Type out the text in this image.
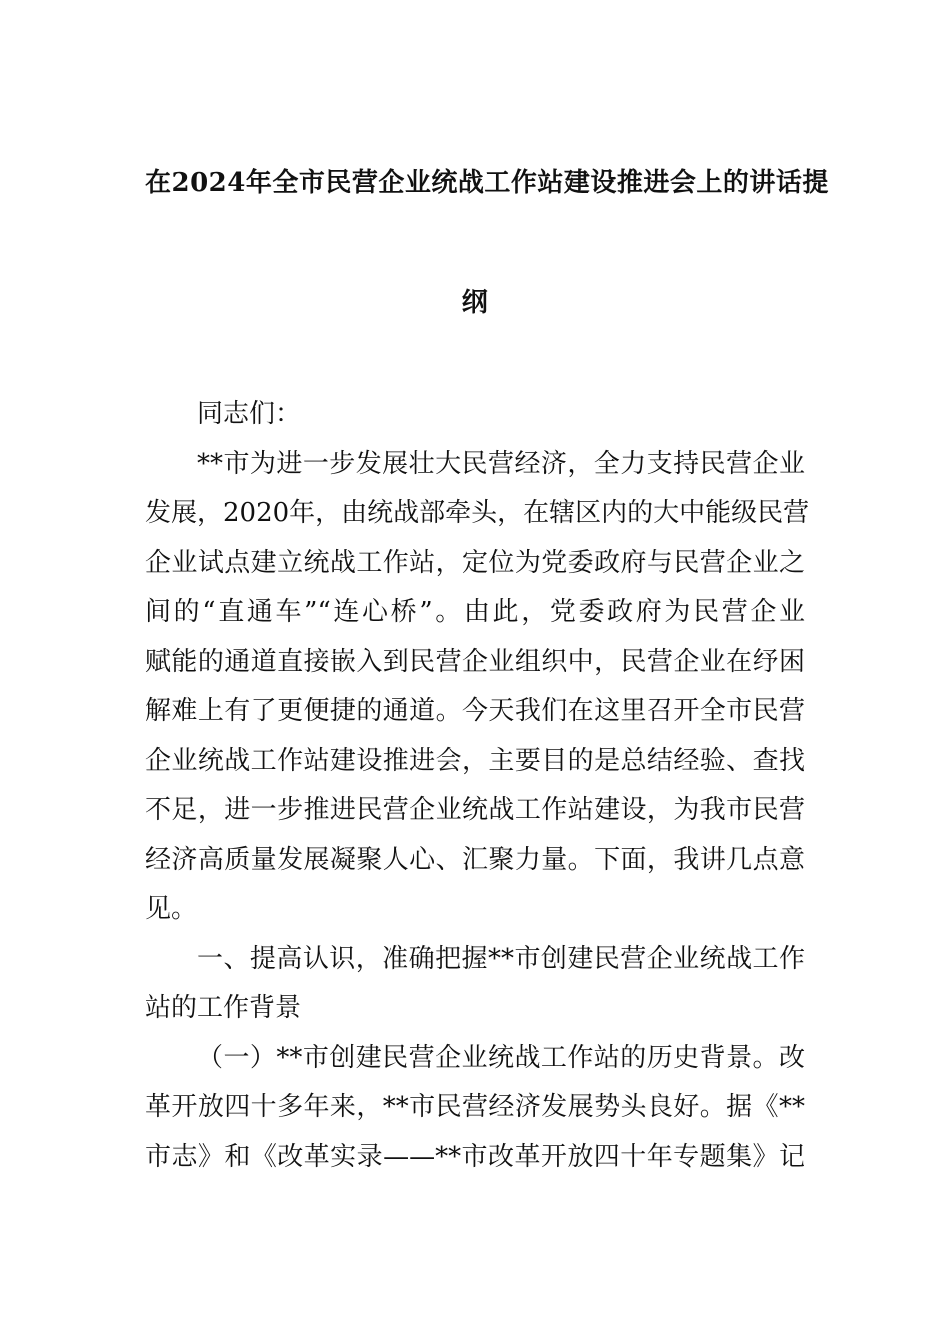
在2024年全市民营企业统战工作站建设推进会上的讲话提
纲
同志们：
**市为进一步发展壮大民营经济，全力支持民营企业
发展，2020年，由统战部牵头，在辖区内的大中能级民营
企业试点建立统战工作站，定位为党委政府与民营企业之
间的“直通车”“连心桥”。由此，党委政府为民营企业
赋能的通道直接嵌入到民营企业组织中，民营企业在纾困
解难上有了更便捷的通道。今天我们在这里召开全市民营
企业统战工作站建设推进会，主要目的是总结经验、查找
不足，进一步推进民营企业统战工作站建设，为我市民营
经济高质量发展凝聚人心、汇聚力量。下面，我讲几点意
见。
一、提高认识，准确把握**市创建民营企业统战工作
站的工作背景
（一）**市创建民营企业统战工作站的历史背景。改
革开放四十多年来，**市民营经济发展势头良好。据《**
市志》和《改革实录——**市改革开放四十年专题集》记
